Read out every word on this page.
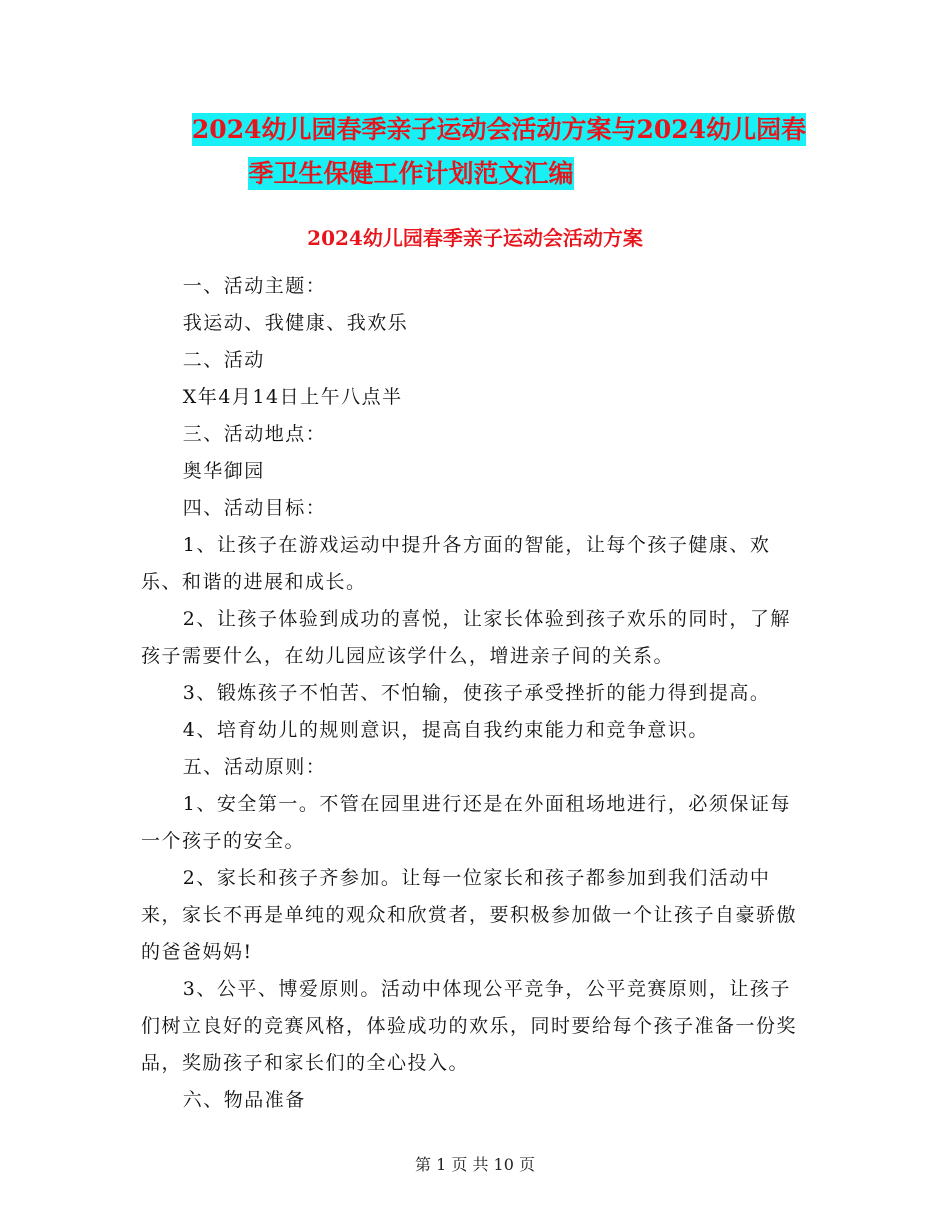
2024幼儿园春季亲子运动会活动方案与2024幼儿园春
季卫生保健工作计划范文汇编
2024幼儿园春季亲子运动会活动方案

一、活动主题：

我运动、我健康、我欢乐

二、活动

X年4月14日上午八点半

三、活动地点：

奥华御园

四、活动目标：

1、让孩子在游戏运动中提升各方面的智能，让每个孩子健康、欢乐、和谐的进展和成长。

2、让孩子体验到成功的喜悦，让家长体验到孩子欢乐的同时，了解孩子需要什么，在幼儿园应该学什么，增进亲子间的关系。

3、锻炼孩子不怕苦、不怕输，使孩子承受挫折的能力得到提高。

4、培育幼儿的规则意识，提高自我约束能力和竞争意识。

五、活动原则：

1、安全第一。不管在园里进行还是在外面租场地进行，必须保证每一个孩子的安全。

2、家长和孩子齐参加。让每一位家长和孩子都参加到我们活动中来，家长不再是单纯的观众和欣赏者，要积极参加做一个让孩子自豪骄傲的爸爸妈妈!

3、公平、博爱原则。活动中体现公平竞争，公平竞赛原则，让孩子们树立良好的竞赛风格，体验成功的欢乐，同时要给每个孩子准备一份奖品，奖励孩子和家长们的全心投入。

六、物品准备

第 1 页 共 10 页
